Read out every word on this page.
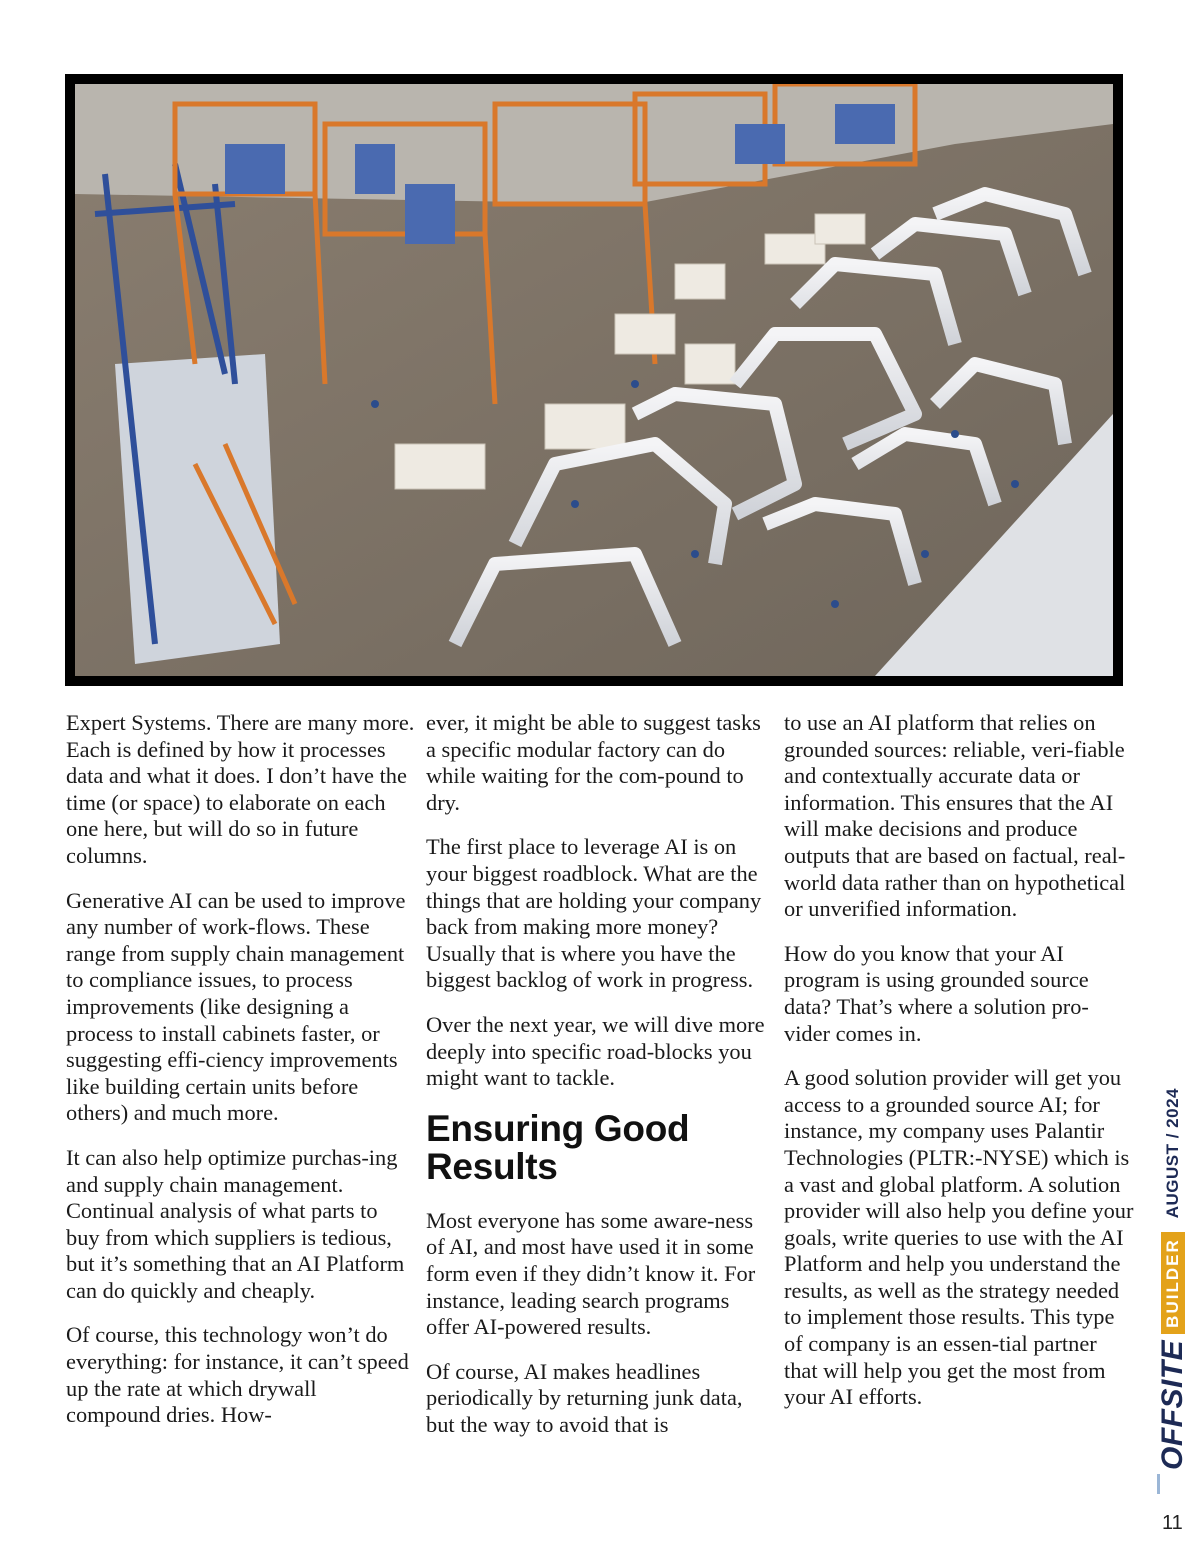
Expert Systems. There are many more. Each is defined by how it processes data and what it does. I don’t have the time (or space) to elaborate on each one here, but will do so in future columns.

Generative AI can be used to improve any number of work-flows. These range from supply chain management to compliance issues, to process improvements (like designing a process to install cabinets faster, or suggesting effi-ciency improvements like building certain units before others) and much more.

It can also help optimize purchas-ing and supply chain management. Continual analysis of what parts to buy from which suppliers is tedious, but it’s something that an AI Platform can do quickly and cheaply.

Of course, this technology won’t do everything: for instance, it can’t speed up the rate at which drywall compound dries. How-

ever, it might be able to suggest tasks a specific modular factory can do while waiting for the com-pound to dry.

The first place to leverage AI is on your biggest roadblock. What are the things that are holding your company back from making more money? Usually that is where you have the biggest backlog of work in progress.

Over the next year, we will dive more deeply into specific road-blocks you might want to tackle.

Ensuring Good Results

Most everyone has some aware-ness of AI, and most have used it in some form even if they didn’t know it. For instance, leading search programs offer AI-powered results.

Of course, AI makes headlines periodically by returning junk data, but the way to avoid that is

to use an AI platform that relies on grounded sources: reliable, veri-fiable and contextually accurate data or information. This ensures that the AI will make decisions and produce outputs that are based on factual, real-world data rather than on hypothetical or unverified information.

How do you know that your AI program is using grounded source data? That’s where a solution pro-vider comes in.

A good solution provider will get you access to a grounded source AI; for instance, my company uses Palantir Technologies (PLTR:-NYSE) which is a vast and global platform. A solution provider will also help you define your goals, write queries to use with the AI Platform and help you understand the results, as well as the strategy needed to implement those results. This type of company is an essen-tial partner that will help you get the most from your AI efforts.	OFFSITE
BUILDER
AUGUST / 2024
11
